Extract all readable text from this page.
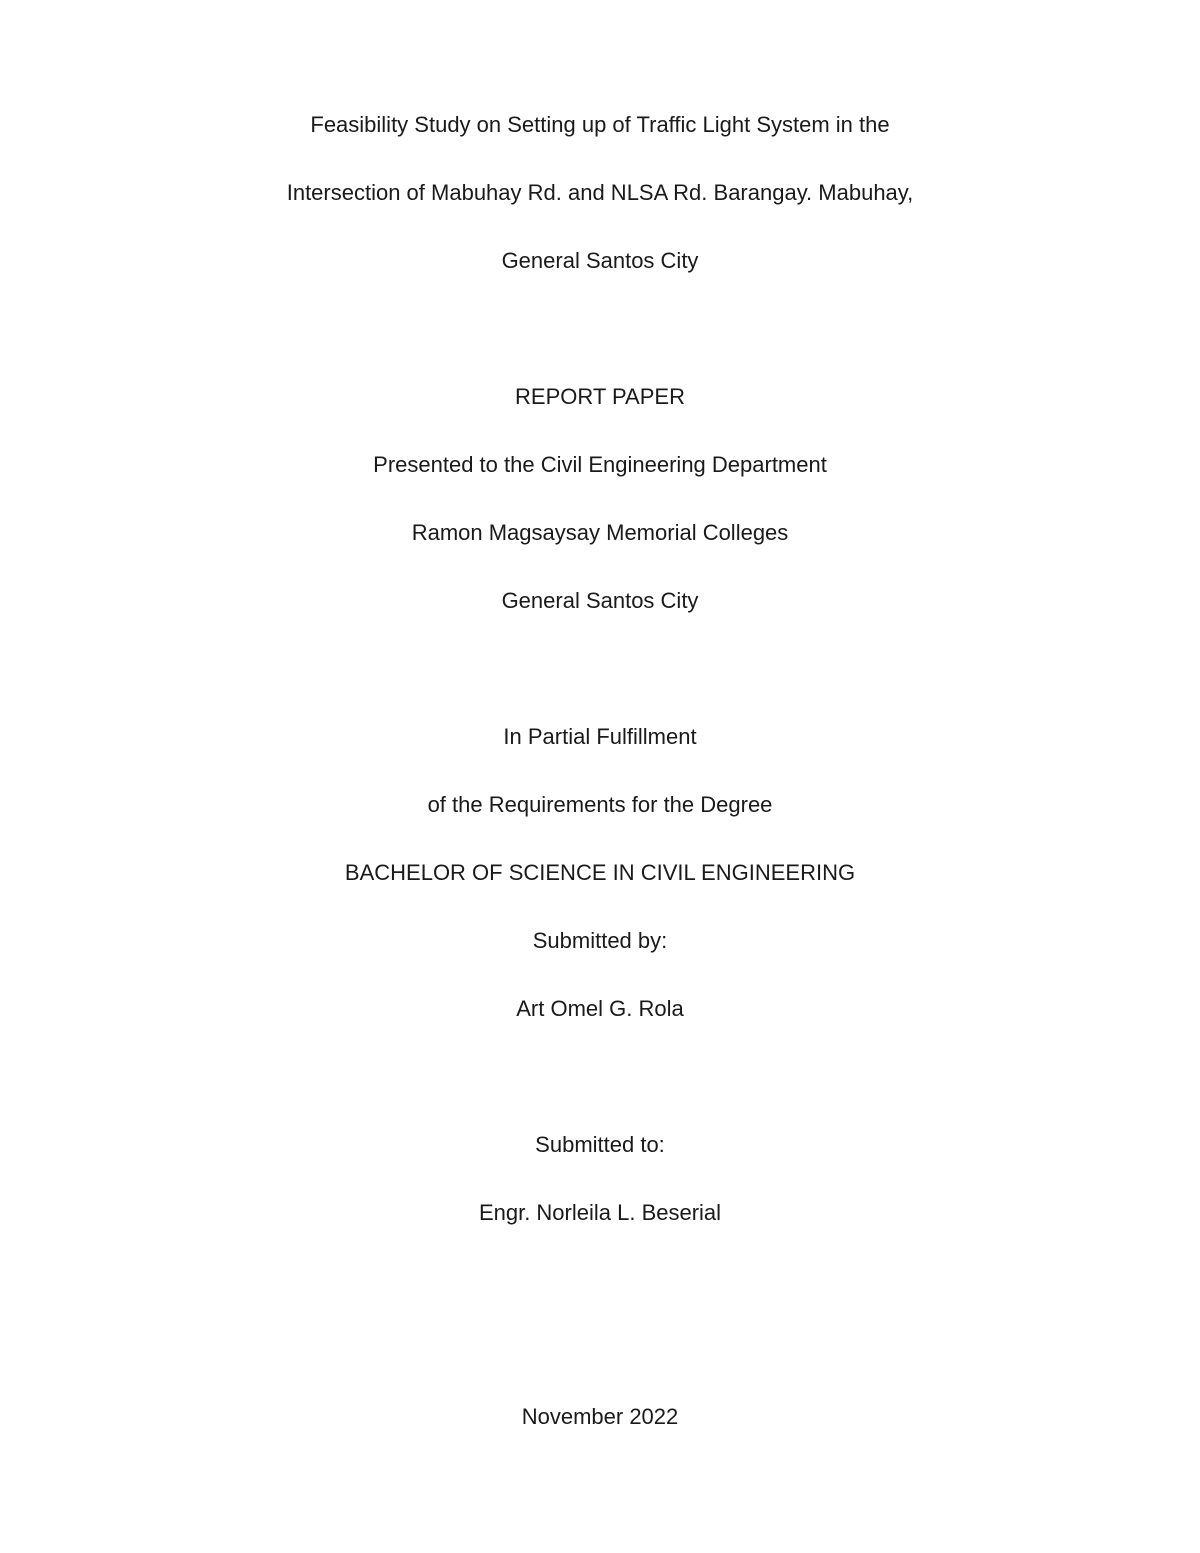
Feasibility Study on Setting up of Traffic Light System in the
Intersection of Mabuhay Rd. and NLSA Rd. Barangay. Mabuhay,
General Santos City
REPORT PAPER
Presented to the Civil Engineering Department
Ramon Magsaysay Memorial Colleges
General Santos City
In Partial Fulfillment
of the Requirements for the Degree
BACHELOR OF SCIENCE IN CIVIL ENGINEERING
Submitted by:
Art Omel G. Rola
Submitted to:
Engr. Norleila L. Beserial
November 2022
